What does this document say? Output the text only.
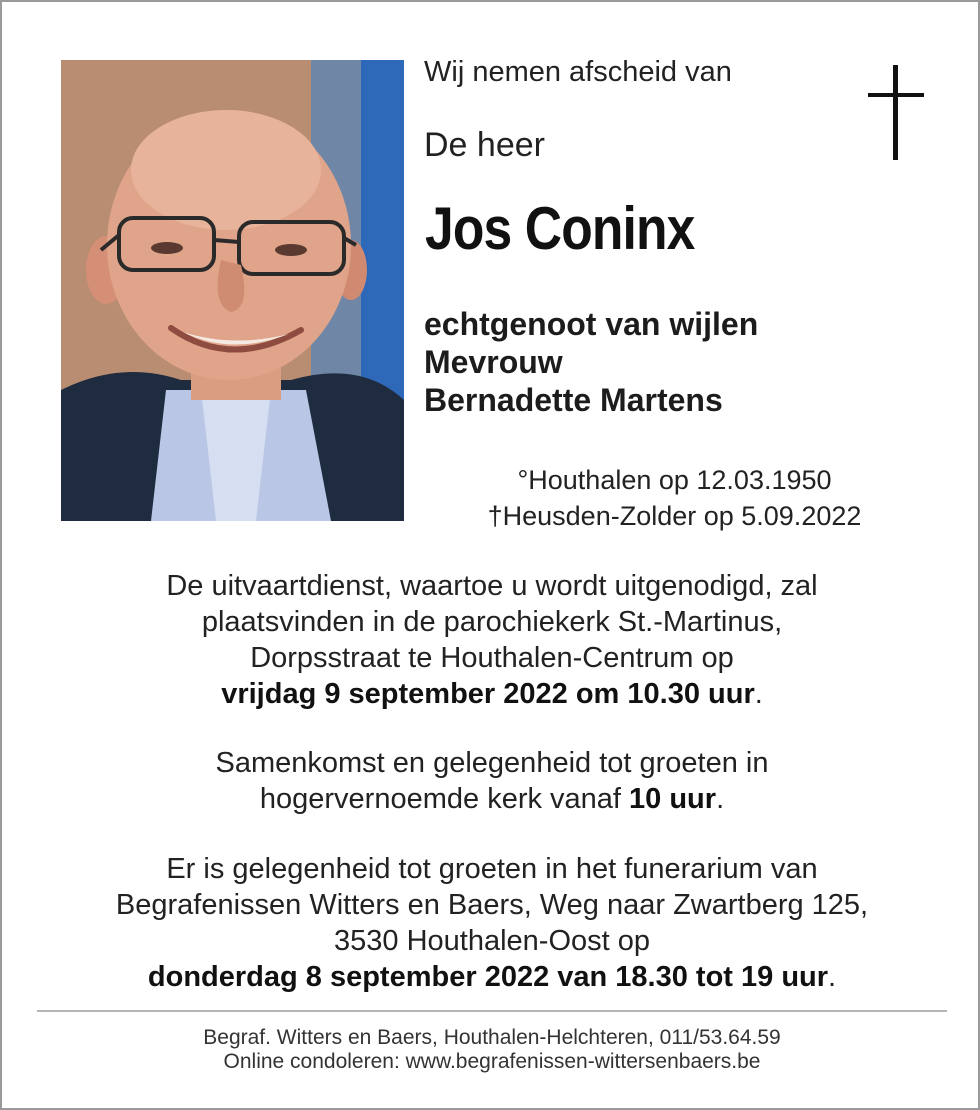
Wij nemen afscheid van
De heer
Jos Coninx
echtgenoot van wijlen
Mevrouw
Bernadette Martens
°Houthalen op 12.03.1950
†Heusden-Zolder op 5.09.2022
De uitvaartdienst, waartoe u wordt uitgenodigd, zal
plaatsvinden in de parochiekerk St.-Martinus,
Dorpsstraat te Houthalen-Centrum op
vrijdag 9 september 2022 om 10.30 uur.
Samenkomst en gelegenheid tot groeten in
hogervernoemde kerk vanaf 10 uur.
Er is gelegenheid tot groeten in het funerarium van
Begrafenissen Witters en Baers, Weg naar Zwartberg 125,
3530 Houthalen-Oost op
donderdag 8 september 2022 van 18.30 tot 19 uur.
Begraf. Witters en Baers, Houthalen-Helchteren, 011/53.64.59
Online condoleren: www.begrafenissen-wittersenbaers.be
